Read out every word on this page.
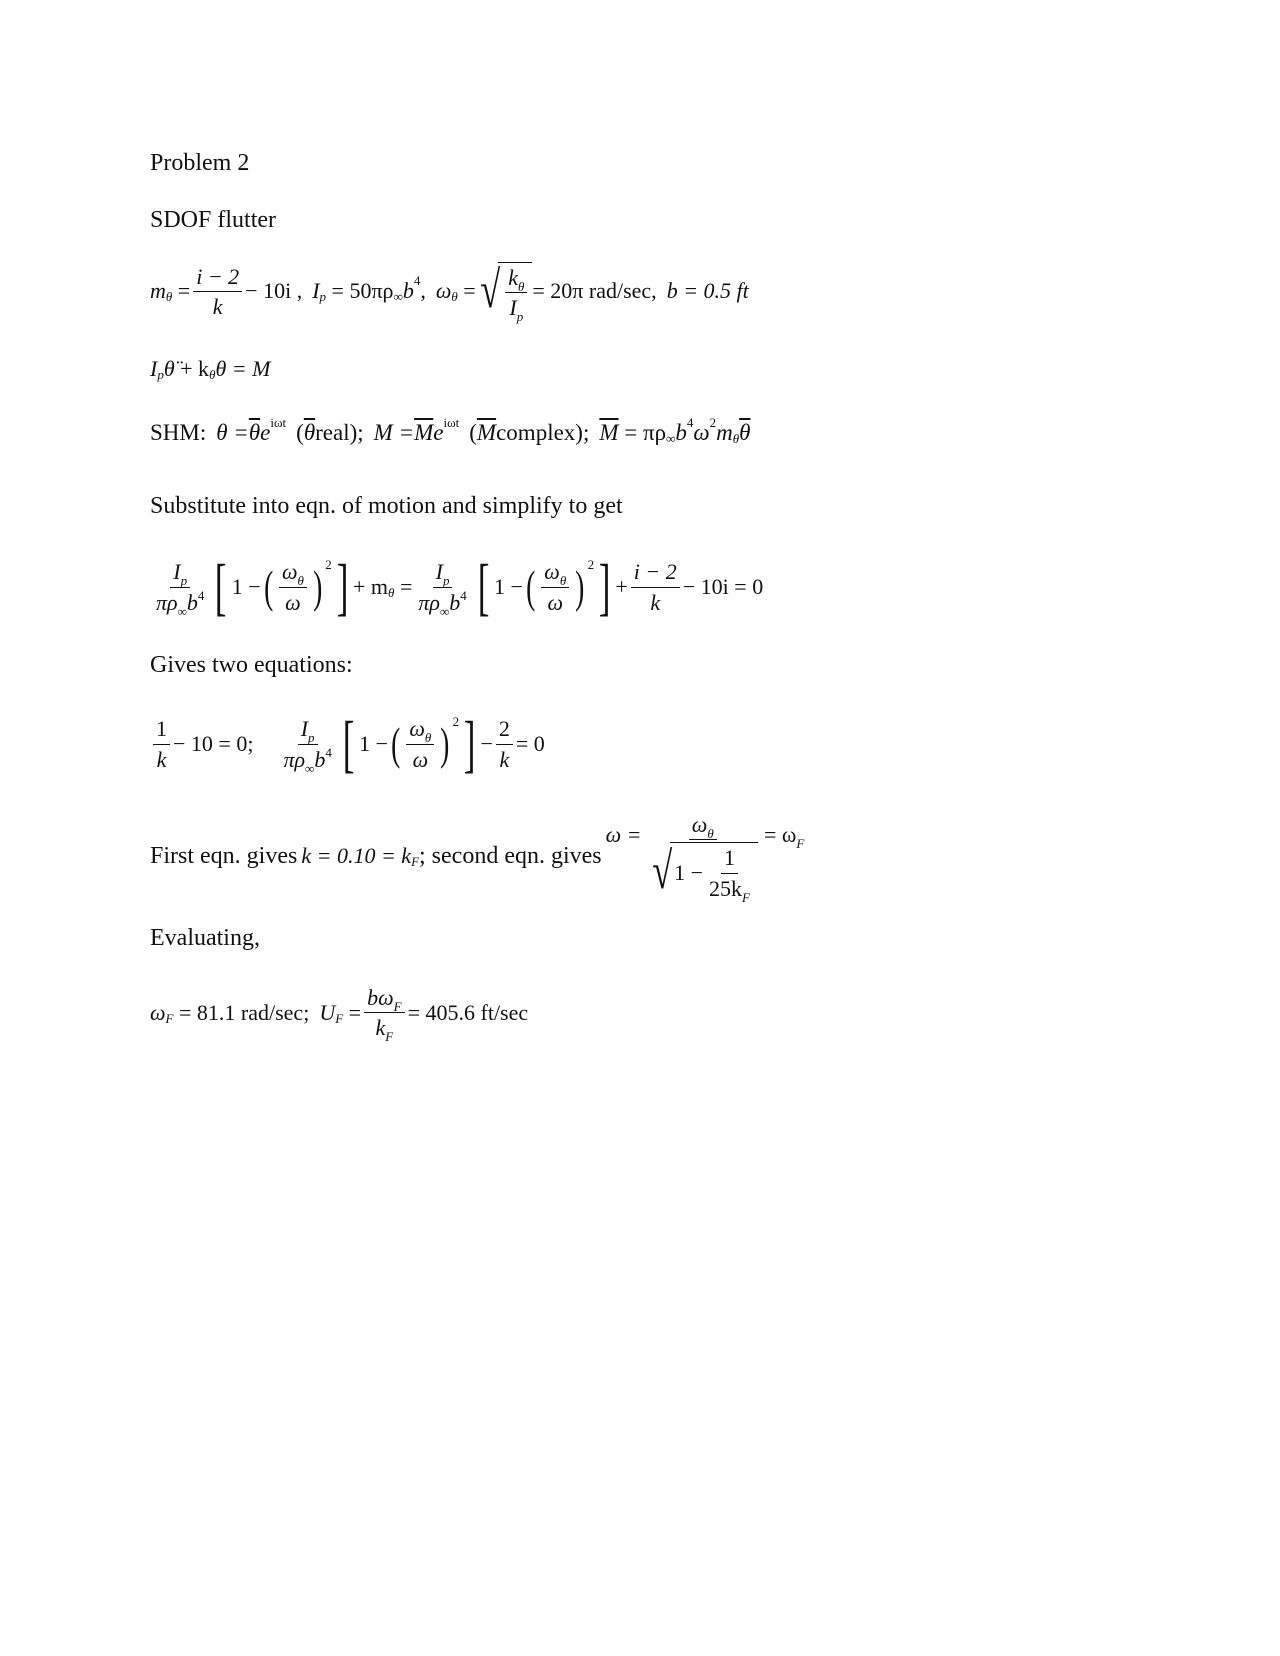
Problem 2
SDOF flutter
m $\theta = \frac{i - 2}{k} - 10i$ , I p
= 50πρ ∞ b 4 , ω θ = √ $\frac{k_\theta}{I_p} = 20\pi$ rad/sec, b = 0.5 ft
I p θ̈
+ k θ θ = M
SHM: $\theta = \overline{\theta}$ e iωt ( $\overline{\theta}$ real); $M = \overline{M}$ e iωt ( $\overline{M}$ complex); $\overline{M}$
= πρ ∞ b 4 ω 2 m θ $\overline{\theta}$
Substitute into eqn. of motion and simplify to get
$\frac{I_p}{\pi\rho_\infty b^4}$ [ 1 − ( $\frac{\omega_\theta}{\omega}$ ) 2 ] + m θ
= $\frac{I_p}{\pi\rho_\infty b^4}$ [ 1 − ( $\frac{\omega_\theta}{\omega}$ ) 2 ] + $\frac{i - 2}{k} - 10i = 0$
Gives two equations:
$\frac{1}{k} - 10 = 0$; $\frac{I_p}{\pi\rho_\infty b^4}$ [ 1 − ( $\frac{\omega_\theta}{\omega}$ ) 2 ] − $\frac{2}{k} = 0$
First eqn. gives
k = 0.10 = k F ; second eqn. gives

$\omega = \frac{\omega_\theta}{√ 1 - \frac{1}{25k_F}} = \omega_F$
Evaluating,
ω F
= 81.1 rad/sec; U F
= $\frac{b\omega_F}{k_F} = 405.6$ ft/sec
